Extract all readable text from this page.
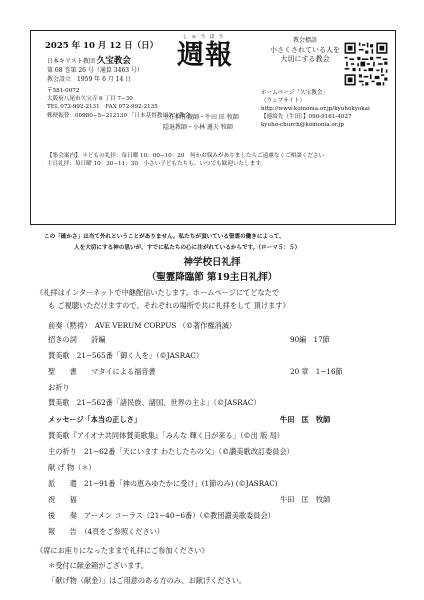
2025 年 10 月 12 日（日）
日本キリスト教団 久宝教会
第 68 巻第 26 号（通算 3463 号）
教会設立　1959 年 6 月 14 日
しゅうほう
週報	教会標語
小さくされている人を
大切にする教会
ホームページ「久宝教会」
（ウェブサイト）
http://www.koinonia.or.jp/kyuhokyokai
【連絡先（牛田）】090-9161-4027
kyuho-church@koinonia.or.jp
〒581-0072
大阪府八尾市久宝寺 6 丁目 7−30
TEL 072-992-2131　FAX 072-992-2135
郵便振替：00980−5−212130 「日本基督教団久宝教会」
主任担任教師・牛田 匡 牧師
隠退教師・小林 遜夫 牧師
【集会案内】 ＊どもの礼拝：毎日曜 10：00−10：20　何かお悩みがありましたらご遠慮なくご相談ください
主日礼拝：毎日曜 10：30−11：30　小さい子どもたちも、いつでも歓迎いたします。
この「確かさ」は当て外れということがありません。私たちが頂いている聖霊の働きによって、
人を大切にする神の思いが、すでに私たちの心に注がれているからです。（ローマ５：５）
神学校日礼拝
（聖霊降臨節 第19主日礼拝）
《礼拝はインターネットで中継配信いたします。ホームページにてどなたで
も ご視聴いただけますので、それぞれの場所で共に礼拝をして 頂けます》
前奏（黙祷）　AVE VERUM CORPUS （©著作権消滅）
招きの詞　　詩編	90編　17節
賛美歌　21−565番「御く人を」（©JASRAC）
聖　　書　　マタイによる福音書	20 章　1−16節
お祈り
賛美歌　21−562番「諸民族、諸国、世界の主よ」（©JASRAC）
メッセージ「本当の正しさ」	牛田　匡　牧師
賛美歌『アイオナ共同体賛美歌集』「みんな 輝く日が来る」（©出 版 局）
主の祈り　21−62番「天にいます わたしたちの父」（©讃美歌改訂委員会）
献 げ 物（＊）
派　　遣　21−91番「神の恵みゆたかに受け」(1節のみ) (©JASRAC)
祝　　福	牛田　匡　牧師
後　　奏　アーメン コーラス（21−40−6番）（©教団讃美歌委員会）
報　　告　（4頁をご参照ください）
《席にお座りになったままで礼拝にご参加ください》
＊受付に献金箱がございます。
「献げ物（献金）」はご用意のある方のみ、お献げください。
